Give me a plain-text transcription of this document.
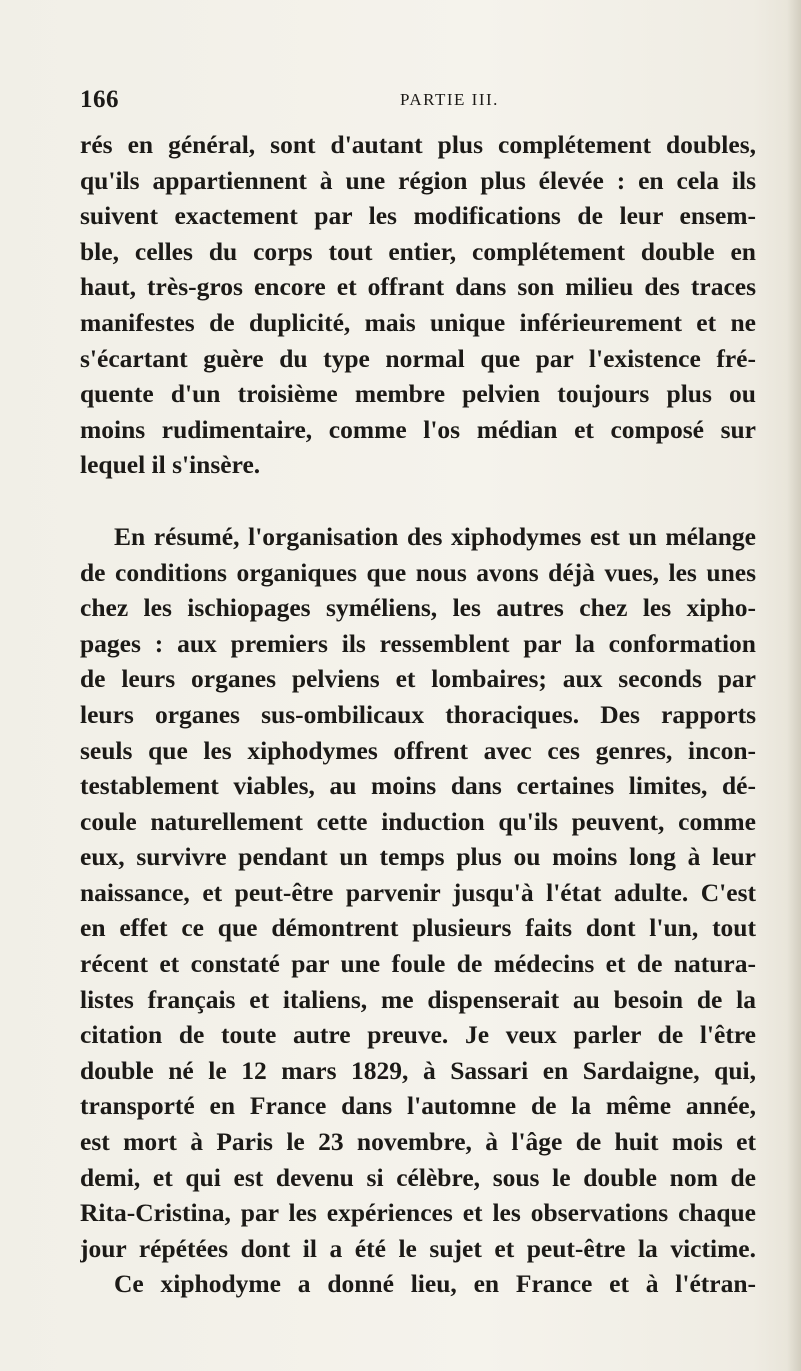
166	PARTIE III.
rés en général, sont d'autant plus complétement doubles,
qu'ils appartiennent à une région plus élevée : en cela ils
suivent exactement par les modifications de leur ensem-
ble, celles du corps tout entier, complétement double en
haut, très-gros encore et offrant dans son milieu des traces
manifestes de duplicité, mais unique inférieurement et ne
s'écartant guère du type normal que par l'existence fré-
quente d'un troisième membre pelvien toujours plus ou
moins rudimentaire, comme l'os médian et composé sur
lequel il s'insère.
En résumé, l'organisation des xiphodymes est un mélange
de conditions organiques que nous avons déjà vues, les unes
chez les ischiopages syméliens, les autres chez les xipho-
pages : aux premiers ils ressemblent par la conformation
de leurs organes pelviens et lombaires; aux seconds par
leurs organes sus-ombilicaux thoraciques. Des rapports
seuls que les xiphodymes offrent avec ces genres, incon-
testablement viables, au moins dans certaines limites, dé-
coule naturellement cette induction qu'ils peuvent, comme
eux, survivre pendant un temps plus ou moins long à leur
naissance, et peut-être parvenir jusqu'à l'état adulte. C'est
en effet ce que démontrent plusieurs faits dont l'un, tout
récent et constaté par une foule de médecins et de natura-
listes français et italiens, me dispenserait au besoin de la
citation de toute autre preuve. Je veux parler de l'être
double né le 12 mars 1829, à Sassari en Sardaigne, qui,
transporté en France dans l'automne de la même année,
est mort à Paris le 23 novembre, à l'âge de huit mois et
demi, et qui est devenu si célèbre, sous le double nom de
Rita-Cristina, par les expériences et les observations chaque
jour répétées dont il a été le sujet et peut-être la victime.
Ce xiphodyme a donné lieu, en France et à l'étran-
